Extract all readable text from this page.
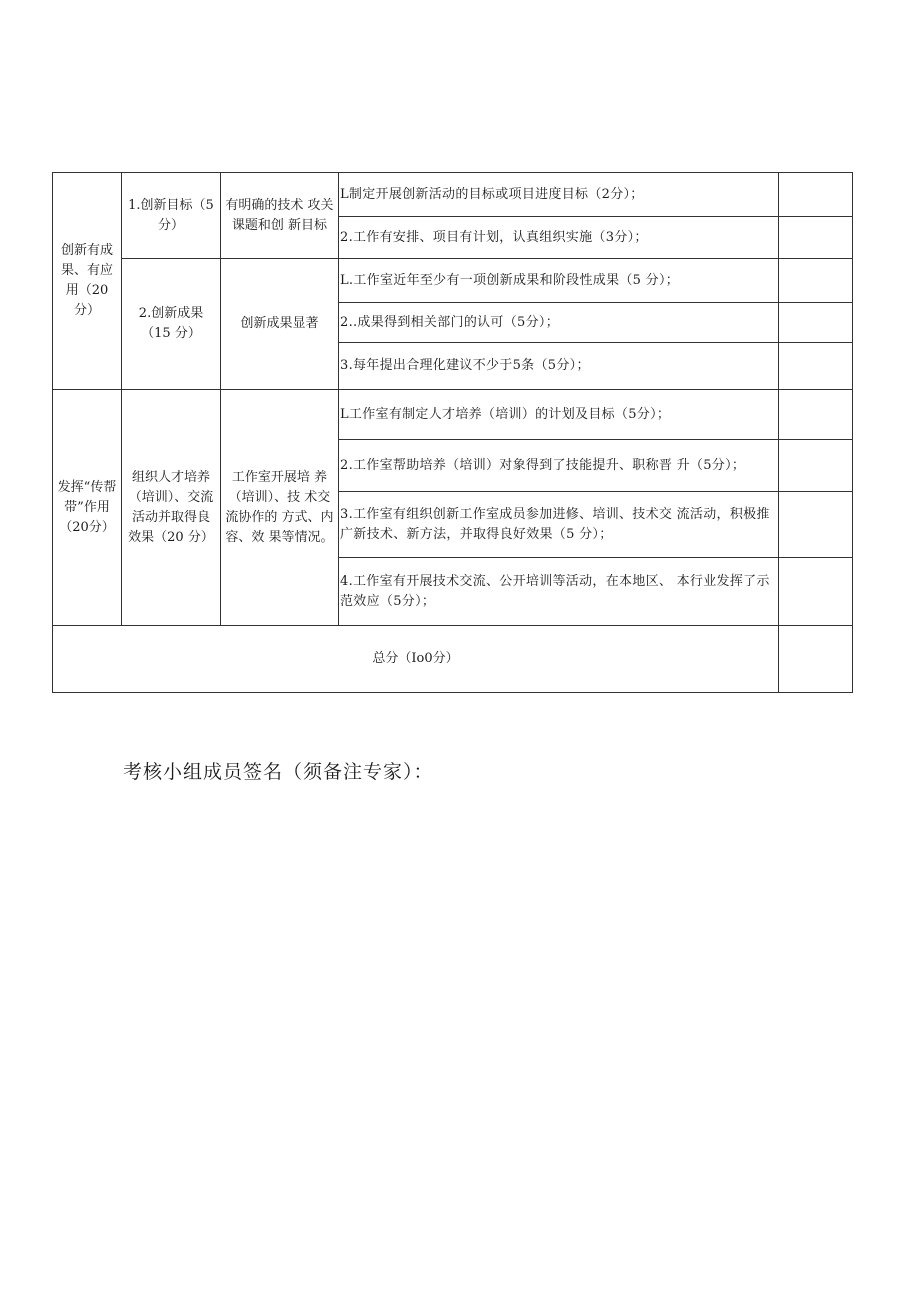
创新有成果、有应用（20分）	1.创新目标（5分）	有明确的技术 攻关课题和创 新目标	L制定开展创新活动的目标或项目进度目标（2分）；	
			2.工作有安排、项目有计划，认真组织实施（3分）；	
	2.创新成果（15 分）	创新成果显著	L.工作室近年至少有一项创新成果和阶段性成果（5 分）；	
			2..成果得到相关部门的认可（5分）；	
			3.每年提出合理化建议不少于5条（5分）；	
发挥“传帮带”作用（20分）	组织人才培养（培训）、交流活动并取得良效果（20 分）	工作室开展培 养（培训）、技 术交流协作的 方式、内容、效 果等情况。	L工作室有制定人才培养（培训）的计划及目标（5分）；	
			2.工作室帮助培养（培训）对象得到了技能提升、职称晋 升（5分）；	
			3.工作室有组织创新工作室成员参加进修、培训、技术交 流活动，积极推广新技术、新方法，并取得良好效果（5 分）；	
			4.工作室有开展技术交流、公开培训等活动，在本地区、 本行业发挥了示范效应（5分）；	
总分（Io0分）				
考核小组成员签名（须备注专家）：
